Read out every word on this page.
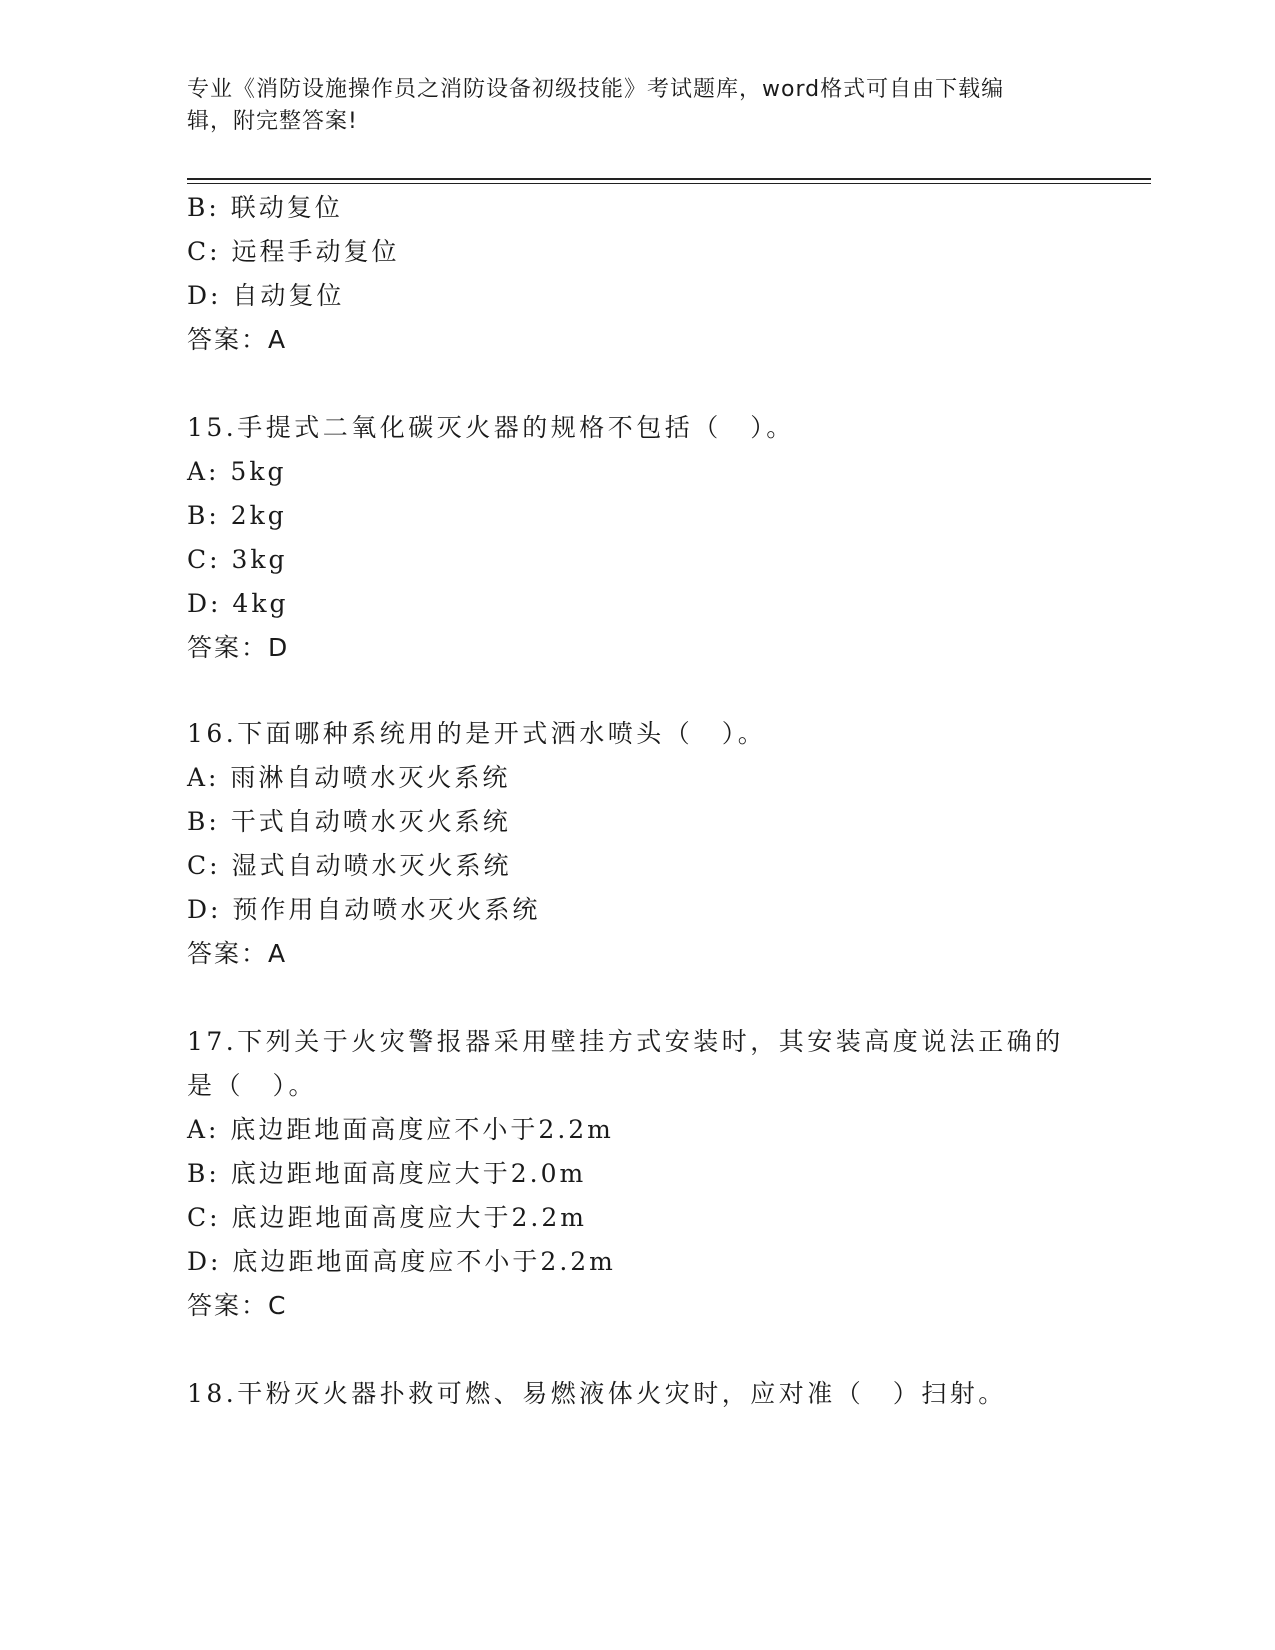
专业《消防设施操作员之消防设备初级技能》考试题库，word格式可自由下载编
辑，附完整答案!
B: 联动复位
C: 远程手动复位
D: 自动复位
答案：A
15.手提式二氧化碳灭火器的规格不包括（　）。
A: 5kg
B: 2kg
C: 3kg
D: 4kg
答案：D
16.下面哪种系统用的是开式洒水喷头（　）。
A: 雨淋自动喷水灭火系统
B: 干式自动喷水灭火系统
C: 湿式自动喷水灭火系统
D: 预作用自动喷水灭火系统
答案：A
17.下列关于火灾警报器采用壁挂方式安装时，其安装高度说法正确的
是（　）。
A: 底边距地面高度应不小于2.2m
B: 底边距地面高度应大于2.0m
C: 底边距地面高度应大于2.2m
D: 底边距地面高度应不小于2.2m
答案：C
18.干粉灭火器扑救可燃、易燃液体火灾时，应对准（　）扫射。
